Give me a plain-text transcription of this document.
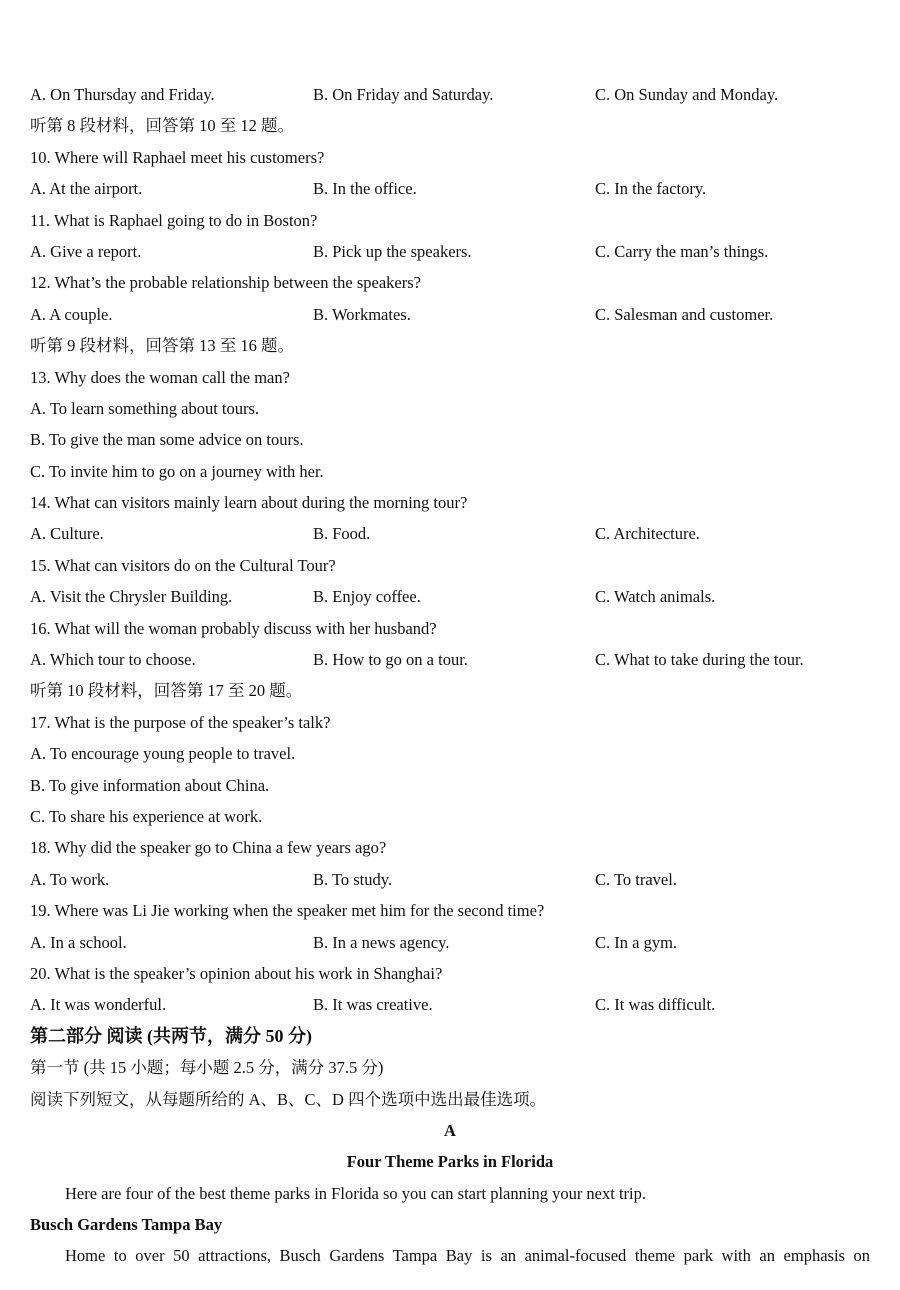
A. On Thursday and Friday.	B. On Friday and Saturday.	C. On Sunday and Monday.
听第 8 段材料，回答第 10 至 12 题。
10. Where will Raphael meet his customers?
A. At the airport.	B. In the office.	C. In the factory.
11. What is Raphael going to do in Boston?
A. Give a report.	B. Pick up the speakers.	C. Carry the man’s things.
12. What’s the probable relationship between the speakers?
A. A couple.	B. Workmates.	C. Salesman and customer.
听第 9 段材料，回答第 13 至 16 题。
13. Why does the woman call the man?
A. To learn something about tours.
B. To give the man some advice on tours.
C. To invite him to go on a journey with her.
14. What can visitors mainly learn about during the morning tour?
A. Culture.	B. Food.	C. Architecture.
15. What can visitors do on the Cultural Tour?
A. Visit the Chrysler Building.	B. Enjoy coffee.	C. Watch animals.
16. What will the woman probably discuss with her husband?
A. Which tour to choose.	B. How to go on a tour.	C. What to take during the tour.
听第 10 段材料，回答第 17 至 20 题。
17. What is the purpose of the speaker’s talk?
A. To encourage young people to travel.
B. To give information about China.
C. To share his experience at work.
18. Why did the speaker go to China a few years ago?
A. To work.	B. To study.	C. To travel.
19. Where was Li Jie working when the speaker met him for the second time?
A. In a school.	B. In a news agency.	C. In a gym.
20. What is the speaker’s opinion about his work in Shanghai?
A. It was wonderful.	B. It was creative.	C. It was difficult.
第二部分 阅读 (共两节，满分 50 分)
第一节 (共 15 小题；每小题 2.5 分，满分 37.5 分)
阅读下列短文，从每题所给的 A、B、C、D 四个选项中选出最佳选项。
A
Four Theme Parks in Florida
Here are four of the best theme parks in Florida so you can start planning your next trip.
Busch Gardens Tampa Bay
Home to over 50 attractions, Busch Gardens Tampa Bay is an animal-focused theme park with an emphasis on
